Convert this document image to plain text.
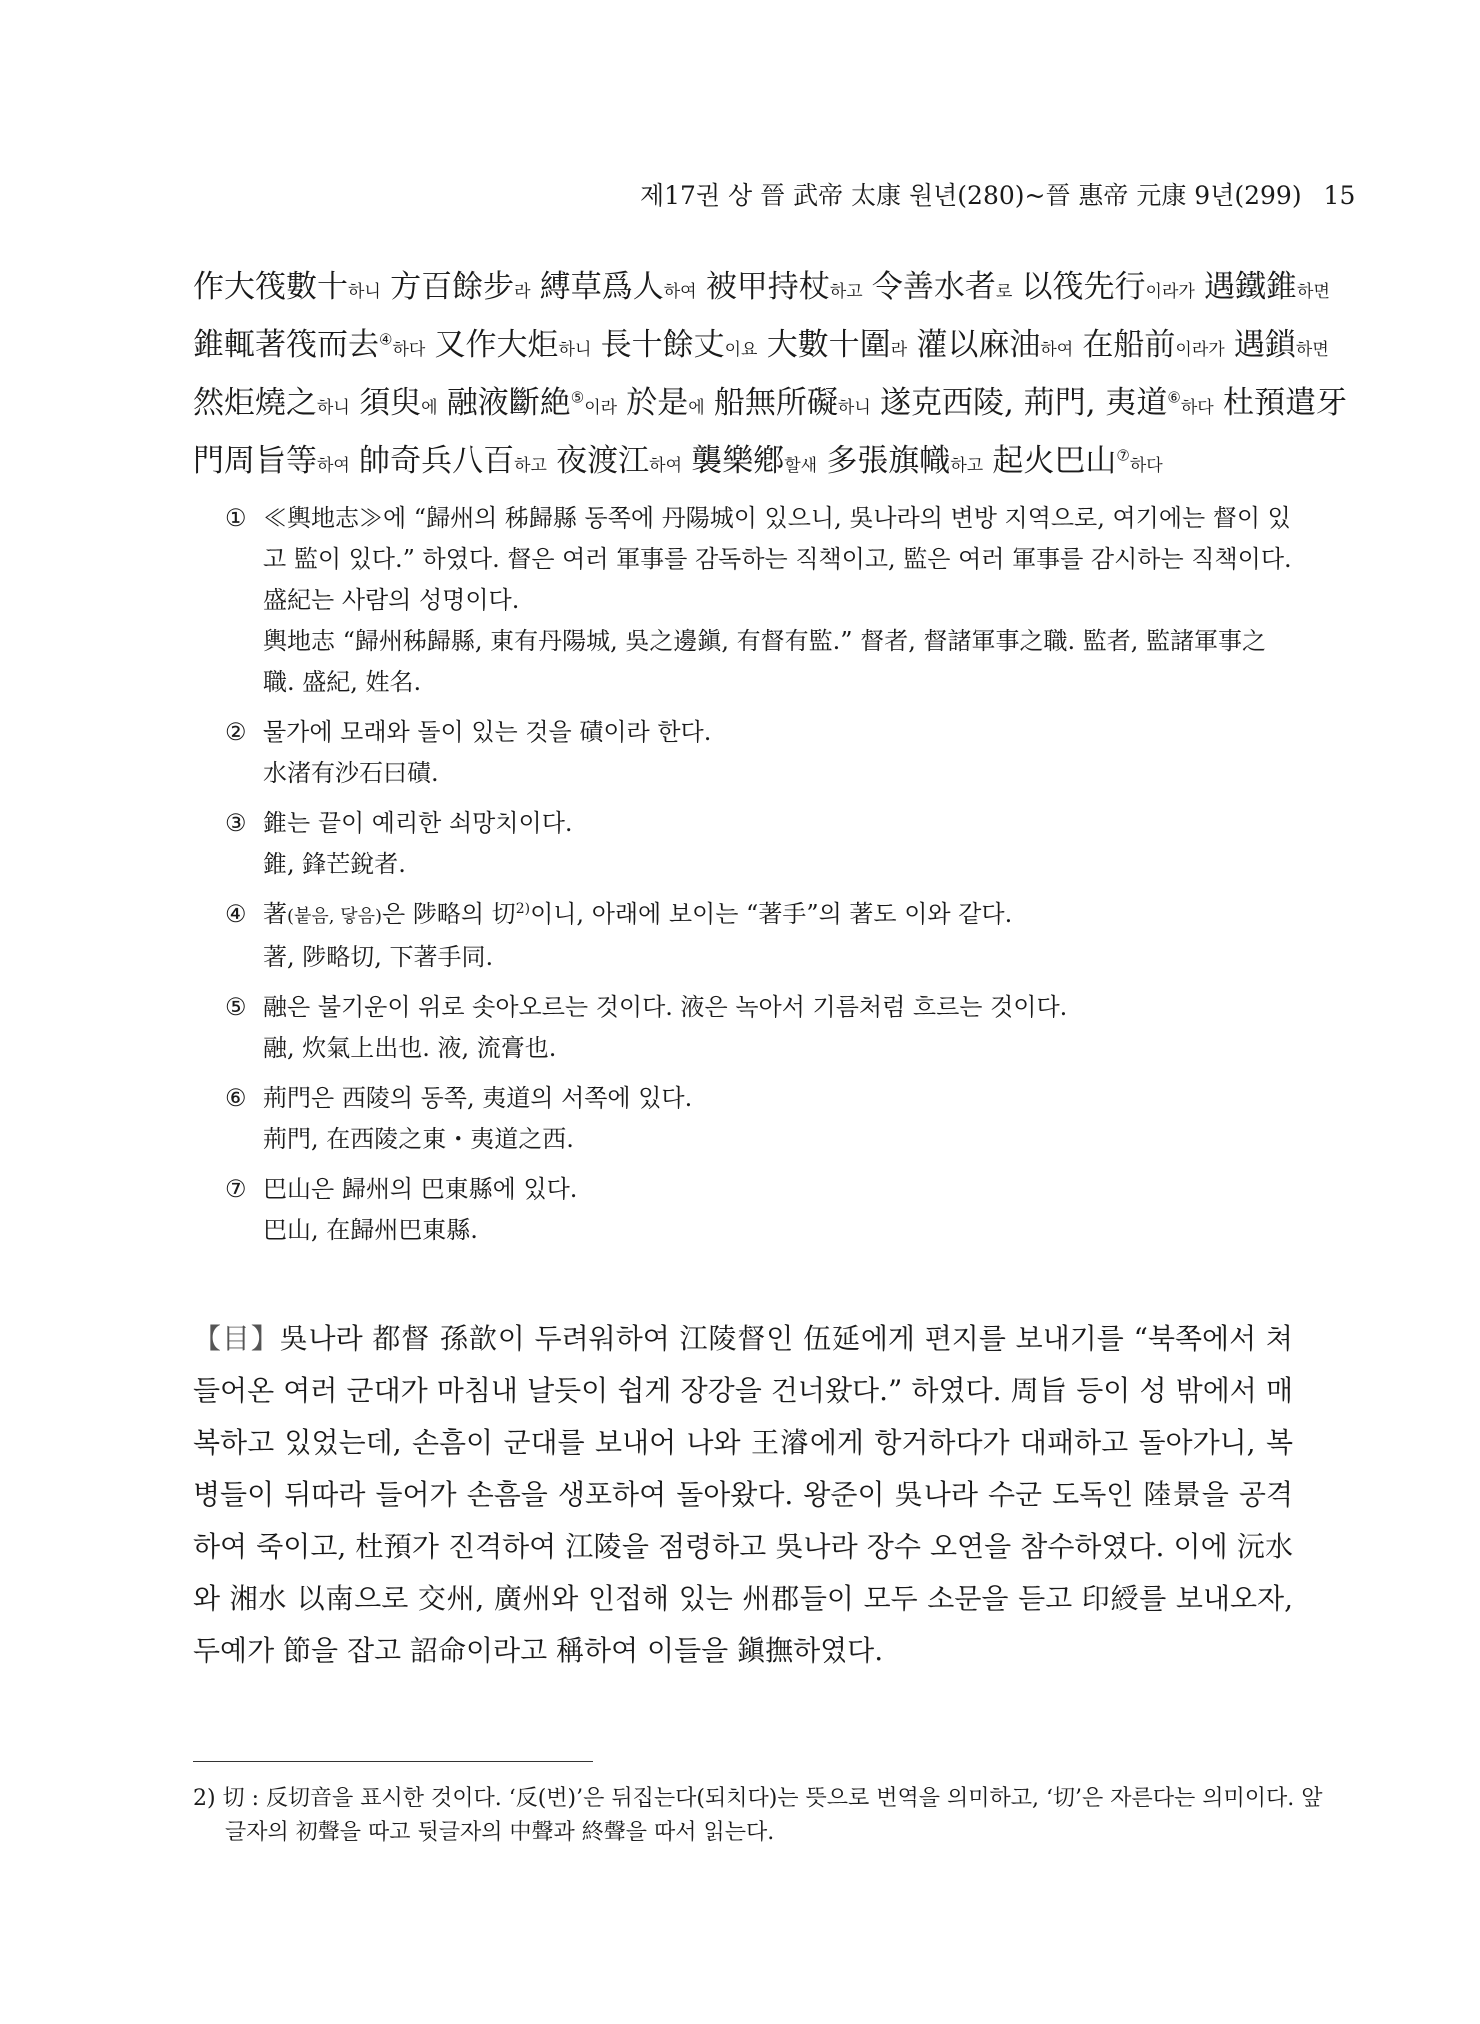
제17권 상 晉 武帝 太康 원년(280)~晉 惠帝 元康 9년(299) 15
作大筏數十하니 方百餘步라 縛草爲人하여 被甲持杖하고 令善水者로 以筏先行이라가 遇鐵錐하면
錐輒著筏而去④하다 又作大炬하니 長十餘丈이요 大數十圍라 灌以麻油하여 在船前이라가 遇鎖하면
然炬燒之하니 須臾에 融液斷絶⑤이라 於是에 船無所礙하니 遂克西陵, 荊門, 夷道⑥하다 杜預遣牙
門周旨等하여 帥奇兵八百하고 夜渡江하여 襲樂鄕할새 多張旗幟하고 起火巴山⑦하다
① ≪輿地志≫에 “歸州의 秭歸縣 동쪽에 丹陽城이 있으니, 吳나라의 변방 지역으로, 여기에는 督이 있고 監이 있다.” 하였다. 督은 여러 軍事를 감독하는 직책이고, 監은 여러 軍事를 감시하는 직책이다. 盛紀는 사람의 성명이다.
輿地志 “歸州秭歸縣, 東有丹陽城, 吳之邊鎭, 有督有監.” 督者, 督諸軍事之職. 監者, 監諸軍事之職. 盛紀, 姓名.
② 물가에 모래와 돌이 있는 것을 磧이라 한다.
水渚有沙石曰磧.
③ 錐는 끝이 예리한 쇠망치이다.
錐, 鋒芒銳者.
④ 著(붙음, 닿음)은 陟略의 切$^{2)}$이니, 아래에 보이는 “著手”의 著도 이와 같다.
著, 陟略切, 下著手同.
⑤ 融은 불기운이 위로 솟아오르는 것이다. 液은 녹아서 기름처럼 흐르는 것이다.
融, 炊氣上出也. 液, 流膏也.
⑥ 荊門은 西陵의 동쪽, 夷道의 서쪽에 있다.
荊門, 在西陵之東・夷道之西.
⑦ 巴山은 歸州의 巴東縣에 있다.
巴山, 在歸州巴東縣.
【目】吳나라 都督 孫歆이 두려워하여 江陵督인 伍延에게 편지를 보내기를 “북쪽에서 쳐들어온 여러 군대가 마침내 날듯이 쉽게 장강을 건너왔다.” 하였다. 周旨 등이 성 밖에서 매복하고 있었는데, 손흠이 군대를 보내어 나와 王濬에게 항거하다가 대패하고 돌아가니, 복병들이 뒤따라 들어가 손흠을 생포하여 돌아왔다. 왕준이 吳나라 수군 도독인 陸景을 공격하여 죽이고, 杜預가 진격하여 江陵을 점령하고 吳나라 장수 오연을 참수하였다. 이에 沅水와 湘水 以南으로 交州, 廣州와 인접해 있는 州郡들이 모두 소문을 듣고 印綬를 보내오자, 두예가 節을 잡고 詔命이라고 稱하여 이들을 鎭撫하였다.
2) 切 : 反切音을 표시한 것이다. ‘反(번)’은 뒤집는다(되치다)는 뜻으로 번역을 의미하고, ‘切’은 자른다는 의미이다. 앞 글자의 初聲을 따고 뒷글자의 中聲과 終聲을 따서 읽는다.
